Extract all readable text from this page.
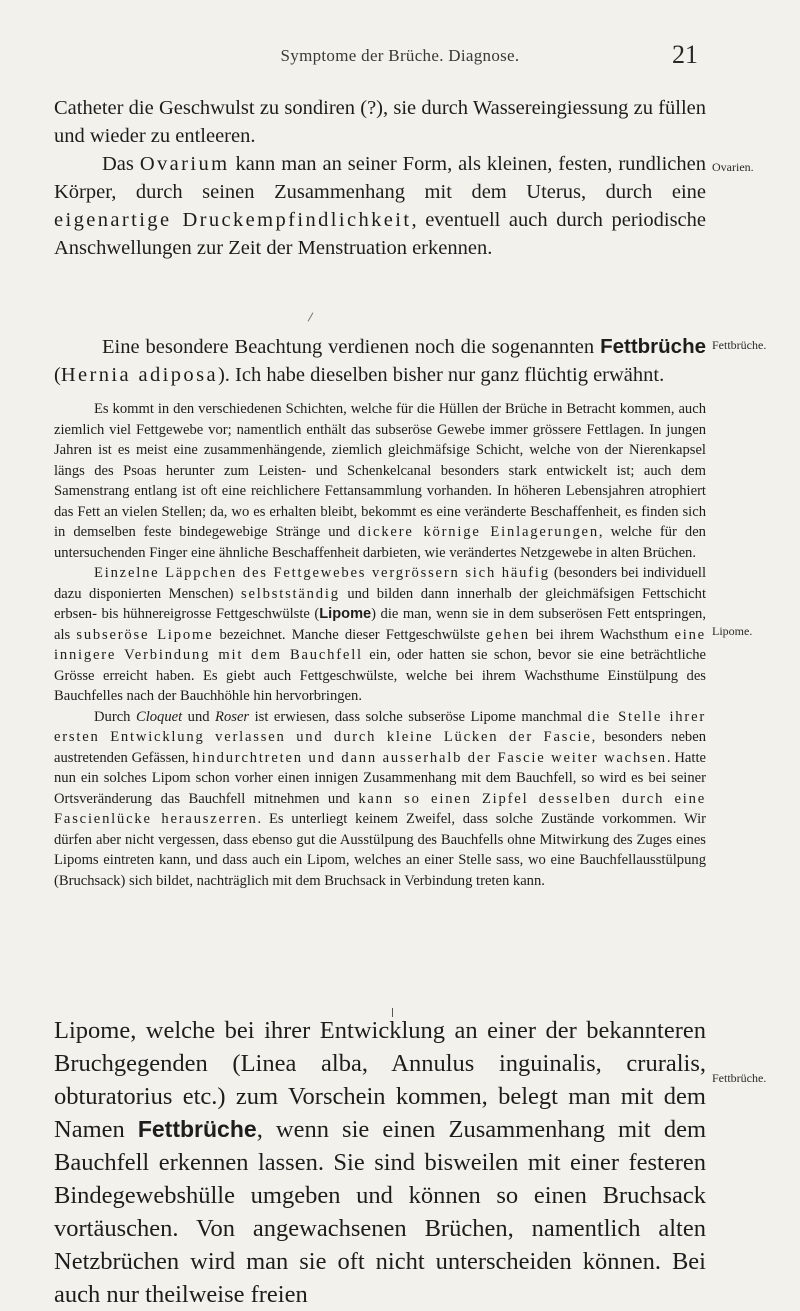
Symptome der Brüche. Diagnose.	21

Catheter die Geschwulst zu sondiren (?), sie durch Wassereingiessung zu füllen und wieder zu entleeren.

Das Ovarium kann man an seiner Form, als kleinen, festen, rundlichen Körper, durch seinen Zusammenhang mit dem Uterus, durch eine eigenartige Druckempfindlichkeit, eventuell auch durch periodische Anschwellungen zur Zeit der Menstruation erkennen.

Eine besondere Beachtung verdienen noch die sogenannten Fettbrüche (Hernia adiposa). Ich habe dieselben bisher nur ganz flüchtig erwähnt.

Es kommt in den verschiedenen Schichten, welche für die Hüllen der Brüche in Betracht kommen, auch ziemlich viel Fettgewebe vor; namentlich enthält das subseröse Gewebe immer grössere Fettlagen. In jungen Jahren ist es meist eine zusammenhängende, ziemlich gleichmäfsige Schicht, welche von der Nierenkapsel längs des Psoas herunter zum Leisten- und Schenkelcanal besonders stark entwickelt ist; auch dem Samenstrang entlang ist oft eine reichlichere Fettansammlung vorhanden. In höheren Lebensjahren atrophiert das Fett an vielen Stellen; da, wo es erhalten bleibt, bekommt es eine veränderte Beschaffenheit, es finden sich in demselben feste bindegewebige Stränge und dickere körnige Einlagerungen, welche für den untersuchenden Finger eine ähnliche Beschaffenheit darbieten, wie verändertes Netzgewebe in alten Brüchen.

Einzelne Läppchen des Fettgewebes vergrössern sich häufig (besonders bei individuell dazu disponierten Menschen) selbstständig und bilden dann innerhalb der gleichmäfsigen Fettschicht erbsen- bis hühnereigrosse Fettgeschwülste (Lipome) die man, wenn sie in dem subserösen Fett entspringen, als subseröse Lipome bezeichnet. Manche dieser Fettgeschwülste gehen bei ihrem Wachsthum eine innigere Verbindung mit dem Bauchfell ein, oder hatten sie schon, bevor sie eine beträchtliche Grösse erreicht haben. Es giebt auch Fettgeschwülste, welche bei ihrem Wachsthume Einstülpung des Bauchfelles nach der Bauchhöhle hin hervorbringen.

Durch Cloquet und Roser ist erwiesen, dass solche subseröse Lipome manchmal die Stelle ihrer ersten Entwicklung verlassen und durch kleine Lücken der Fascie, besonders neben austretenden Gefässen, hindurchtreten und dann ausserhalb der Fascie weiter wachsen. Hatte nun ein solches Lipom schon vorher einen innigen Zusammenhang mit dem Bauchfell, so wird es bei seiner Ortsveränderung das Bauchfell mitnehmen und kann so einen Zipfel desselben durch eine Fascienlücke herauszerren. Es unterliegt keinem Zweifel, dass solche Zustände vorkommen. Wir dürfen aber nicht vergessen, dass ebenso gut die Ausstülpung des Bauchfells ohne Mitwirkung des Zuges eines Lipoms eintreten kann, und dass auch ein Lipom, welches an einer Stelle sass, wo eine Bauchfellausstülpung (Bruchsack) sich bildet, nachträglich mit dem Bruchsack in Verbindung treten kann.

Lipome, welche bei ihrer Entwicklung an einer der bekannteren Bruchgegenden (Linea alba, Annulus inguinalis, cruralis, obturatorius etc.) zum Vorschein kommen, belegt man mit dem Namen Fettbrüche, wenn sie einen Zusammenhang mit dem Bauchfell erkennen lassen. Sie sind bisweilen mit einer festeren Bindegewebshülle umgeben und können so einen Bruchsack vortäuschen. Von angewachsenen Brüchen, namentlich alten Netzbrüchen wird man sie oft nicht unterscheiden können. Bei auch nur theilweise freien

Ovarien.
Fettbrüche.
Lipome.
Fettbrüche.
